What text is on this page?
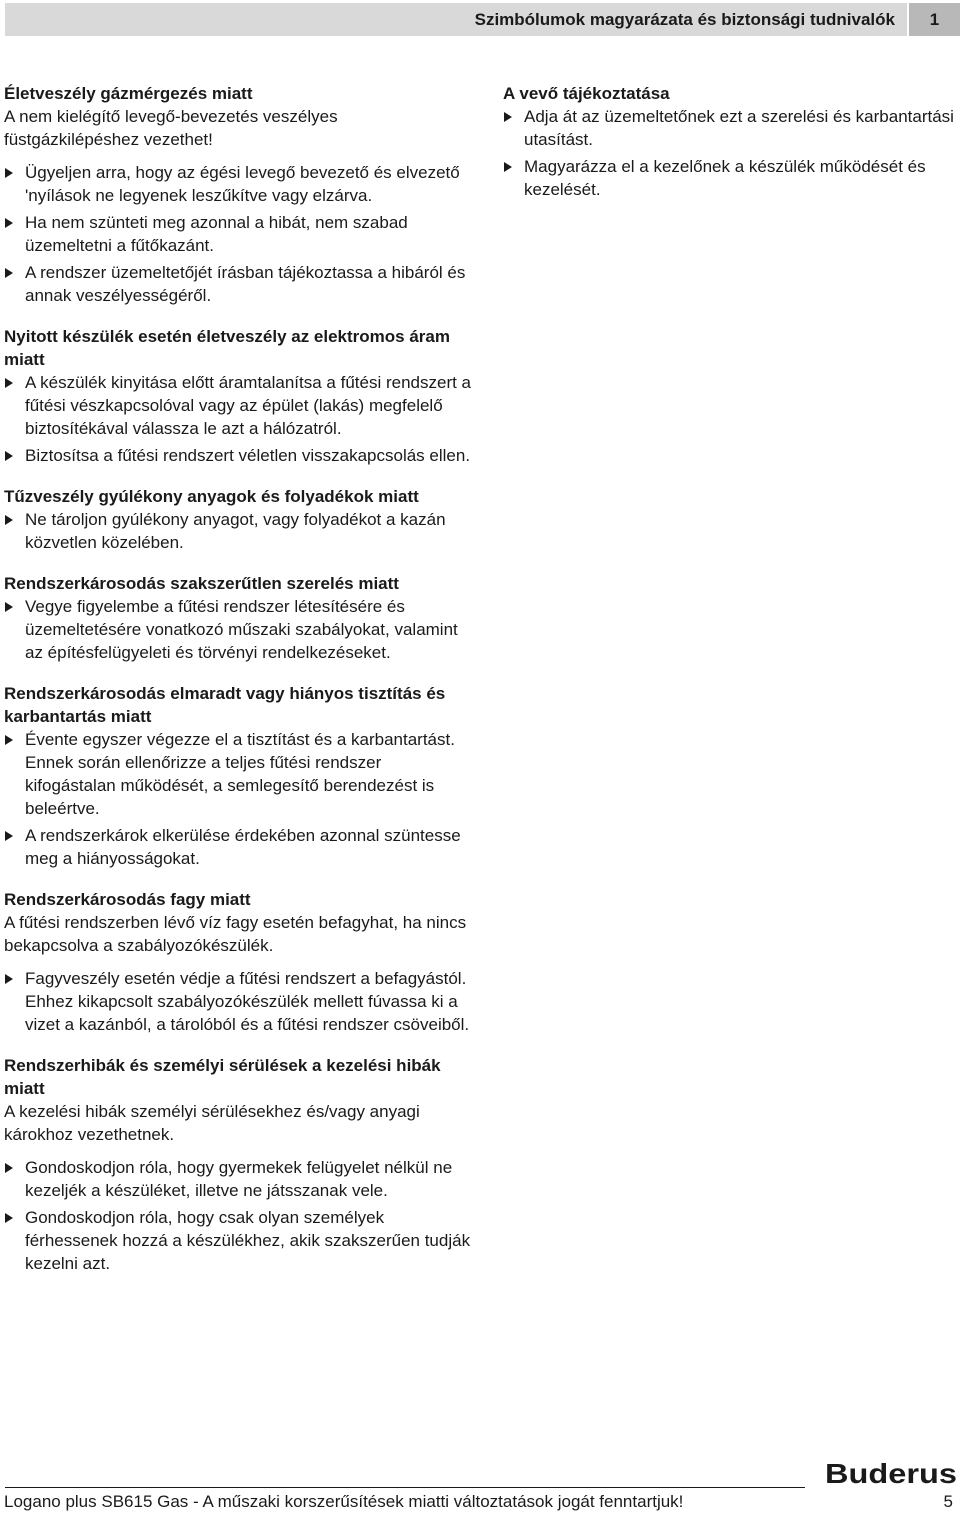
Szimbólumok magyarázata és biztonsági tudnivalók	1
Életveszély gázmérgezés miatt
A nem kielégítő levegő-bevezetés veszélyes füstgázkilépéshez vezethet!
Ügyeljen arra, hogy az égési levegő bevezető és elvezető 'nyílások ne legyenek leszűkítve vagy elzárva.
Ha nem szünteti meg azonnal a hibát, nem szabad üzemeltetni a fűtőkazánt.
A rendszer üzemeltetőjét írásban tájékoztassa a hibáról és annak veszélyességéről.
Nyitott készülék esetén életveszély az elektromos áram miatt
A készülék kinyitása előtt áramtalanítsa a fűtési rendszert a fűtési vészkapcsolóval vagy az épület (lakás) megfelelő biztosítékával válassza le azt a hálózatról.
Biztosítsa a fűtési rendszert véletlen visszakapcsolás ellen.
Tűzveszély gyúlékony anyagok és folyadékok miatt
Ne tároljon gyúlékony anyagot, vagy folyadékot a kazán közvetlen közelében.
Rendszerkárosodás szakszerűtlen szerelés miatt
Vegye figyelembe a fűtési rendszer létesítésére és üzemeltetésére vonatkozó műszaki szabályokat, valamint az építésfelügyeleti és törvényi rendelkezéseket.
Rendszerkárosodás elmaradt vagy hiányos tisztítás és karbantartás miatt
Évente egyszer végezze el a tisztítást és a karbantartást. Ennek során ellenőrizze a teljes fűtési rendszer kifogástalan működését, a semlegesítő berendezést is beleértve.
A rendszerkárok elkerülése érdekében azonnal szüntesse meg a hiányosságokat.
Rendszerkárosodás fagy miatt
A fűtési rendszerben lévő víz fagy esetén befagyhat, ha nincs bekapcsolva a szabályozókészülék.
Fagyveszély esetén védje a fűtési rendszert a befagyástól. Ehhez kikapcsolt szabályozókészülék mellett fúvassa ki a vizet a kazánból, a tárolóból és a fűtési rendszer csöveiből.
Rendszerhibák és személyi sérülések a kezelési hibák miatt
A kezelési hibák személyi sérülésekhez és/vagy anyagi károkhoz vezethetnek.
Gondoskodjon róla, hogy gyermekek felügyelet nélkül ne kezeljék a készüléket, illetve ne játsszanak vele.
Gondoskodjon róla, hogy csak olyan személyek férhessenek hozzá a készülékhez, akik szakszerűen tudják kezelni azt.
A vevő tájékoztatása
Adja át az üzemeltetőnek ezt a szerelési és karbantartási utasítást.
Magyarázza el a kezelőnek a készülék működését és kezelését.
Buderus
Logano plus SB615 Gas - A műszaki korszerűsítések miatti változtatások jogát fenntartjuk!	5
